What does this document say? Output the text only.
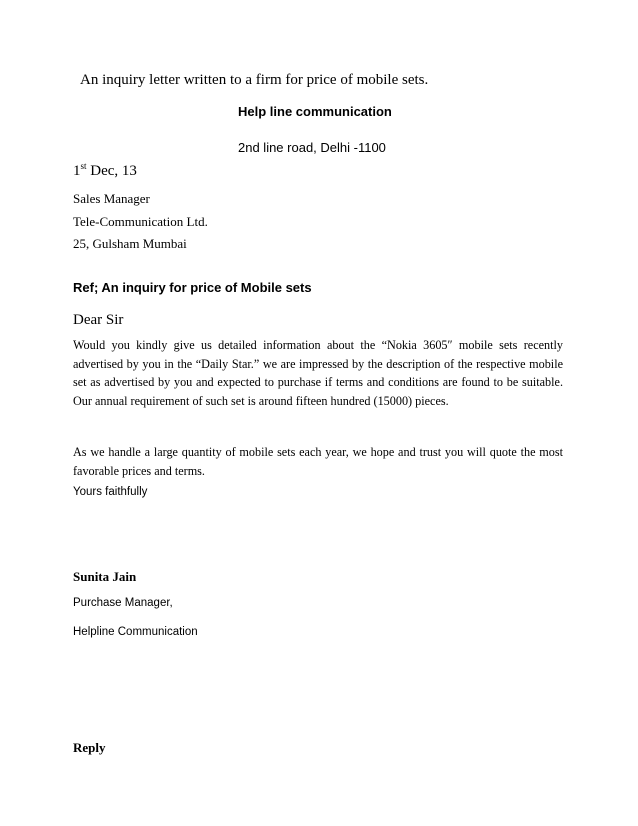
An inquiry letter written to a firm for price of mobile sets.
Help line communication
2nd line road, Delhi -1100
1st Dec, 13
Sales Manager
Tele-Communication Ltd.
25, Gulsham Mumbai
Ref; An inquiry for price of Mobile sets
Dear Sir

Would you kindly give us detailed information about the “Nokia 3605″ mobile sets recently advertised by you in the “Daily Star.” we are impressed by the description of the respective mobile set as advertised by you and expected to purchase if terms and conditions are found to be suitable. Our annual requirement of such set is around fifteen hundred (15000) pieces.

As we handle a large quantity of mobile sets each year, we hope and trust you will quote the most favorable prices and terms.

Yours faithfully
Sunita Jain
Purchase Manager,
Helpline Communication
Reply
